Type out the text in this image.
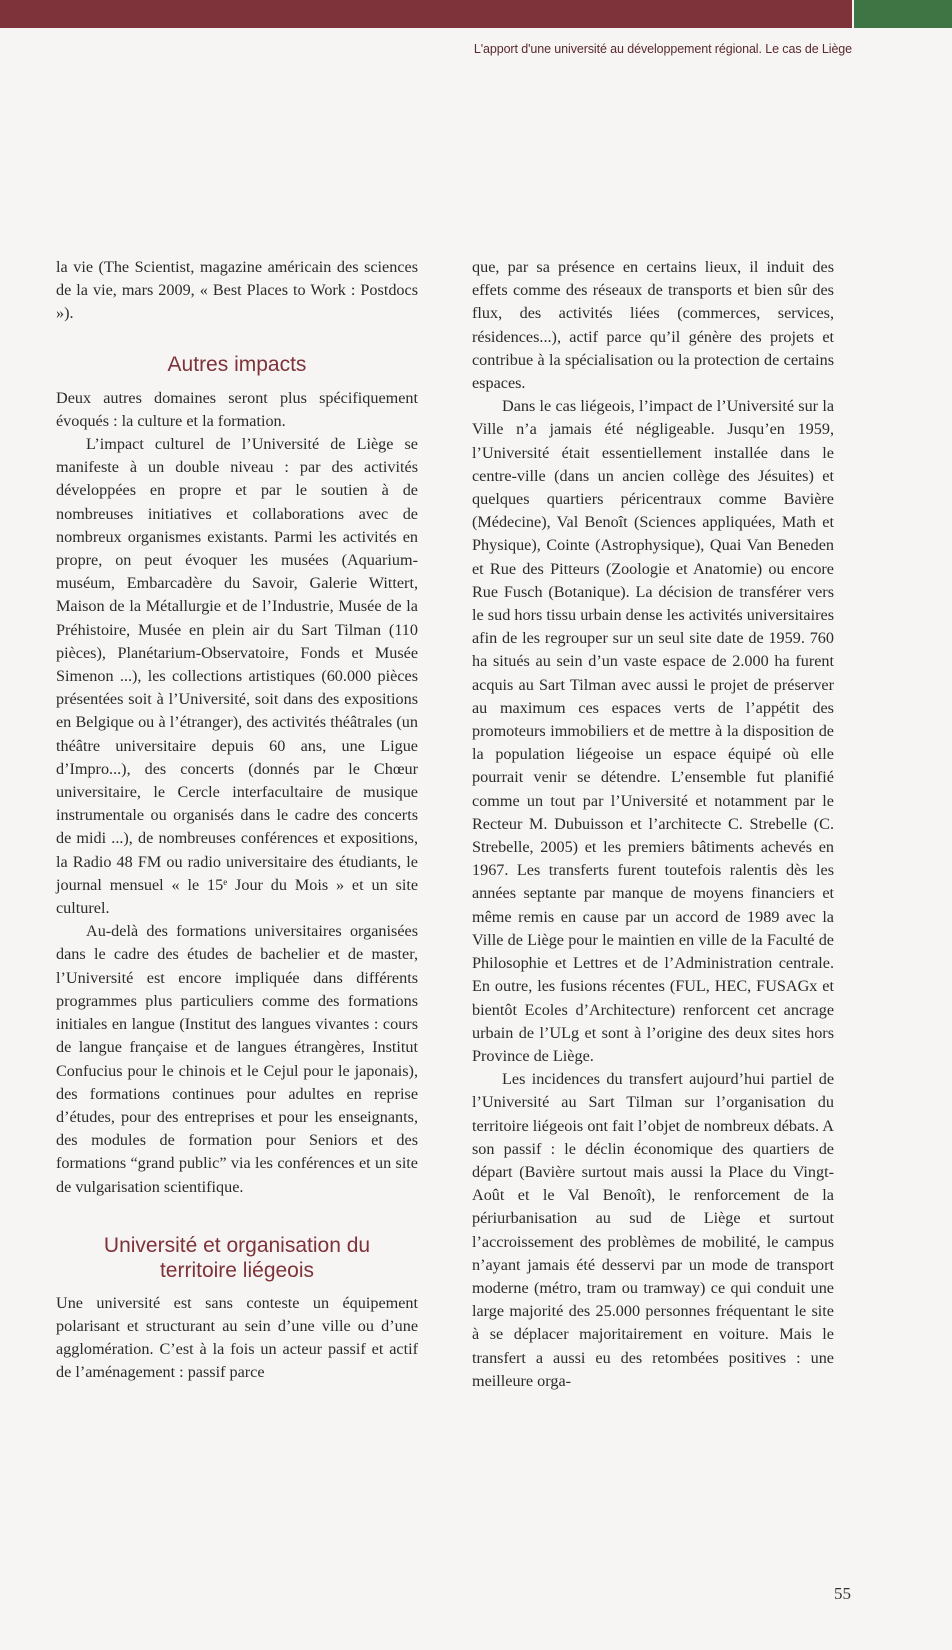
L'apport d'une université au développement régional. Le cas de Liège

la vie (The Scientist, magazine américain des sciences de la vie, mars 2009, « Best Places to Work : Postdocs »).

Autres impacts

Deux autres domaines seront plus spécifiquement évoqués : la culture et la formation.

L’impact culturel de l’Université de Liège se manifeste à un double niveau : par des activités développées en propre et par le soutien à de nombreuses initiatives et collaborations avec de nombreux organismes existants. Parmi les activités en propre, on peut évoquer les musées (Aquarium-muséum, Embarcadère du Savoir, Galerie Wittert, Maison de la Métallurgie et de l’Industrie, Musée de la Préhistoire, Musée en plein air du Sart Tilman (110 pièces), Planétarium-Observatoire, Fonds et Musée Simenon ...), les collections artistiques (60.000 pièces présentées soit à l’Université, soit dans des expositions en Belgique ou à l’étranger), des activités théâtrales (un théâtre universitaire depuis 60 ans, une Ligue d’Impro...), des concerts (donnés par le Chœur universitaire, le Cercle interfacultaire de musique instrumentale ou organisés dans le cadre des concerts de midi ...), de nombreuses conférences et expositions, la Radio 48 FM ou radio universitaire des étudiants, le journal mensuel « le 15e Jour du Mois » et un site culturel.

Au-delà des formations universitaires organisées dans le cadre des études de bachelier et de master, l’Université est encore impliquée dans différents programmes plus particuliers comme des formations initiales en langue (Institut des langues vivantes : cours de langue française et de langues étrangères, Institut Confucius pour le chinois et le Cejul pour le japonais), des formations continues pour adultes en reprise d’études, pour des entreprises et pour les enseignants, des modules de formation pour Seniors et des formations “grand public” via les conférences et un site de vulgarisation scientifique.

Université et organisation du
territoire liégeois

Une université est sans conteste un équipement polarisant et structurant au sein d’une ville ou d’une agglomération. C’est à la fois un acteur passif et actif de l’aménagement : passif parce

que, par sa présence en certains lieux, il induit des effets comme des réseaux de transports et bien sûr des flux, des activités liées (commerces, services, résidences...), actif parce qu’il génère des projets et contribue à la spécialisation ou la protection de certains espaces.

Dans le cas liégeois, l’impact de l’Université sur la Ville n’a jamais été négligeable. Jusqu’en 1959, l’Université était essentiellement installée dans le centre-ville (dans un ancien collège des Jésuites) et quelques quartiers péricentraux comme Bavière (Médecine), Val Benoît (Sciences appliquées, Math et Physique), Cointe (Astrophysique), Quai Van Beneden et Rue des Pitteurs (Zoologie et Anatomie) ou encore Rue Fusch (Botanique). La décision de transférer vers le sud hors tissu urbain dense les activités universitaires afin de les regrouper sur un seul site date de 1959. 760 ha situés au sein d’un vaste espace de 2.000 ha furent acquis au Sart Tilman avec aussi le projet de préserver au maximum ces espaces verts de l’appétit des promoteurs immobiliers et de mettre à la disposition de la population liégeoise un espace équipé où elle pourrait venir se détendre. L’ensemble fut planifié comme un tout par l’Université et notamment par le Recteur M. Dubuisson et l’architecte C. Strebelle (C. Strebelle, 2005) et les premiers bâtiments achevés en 1967. Les transferts furent toutefois ralentis dès les années septante par manque de moyens financiers et même remis en cause par un accord de 1989 avec la Ville de Liège pour le maintien en ville de la Faculté de Philosophie et Lettres et de l’Administration centrale. En outre, les fusions récentes (FUL, HEC, FUSAGx et bientôt Ecoles d’Architecture) renforcent cet ancrage urbain de l’ULg et sont à l’origine des deux sites hors Province de Liège.

Les incidences du transfert aujourd’hui partiel de l’Université au Sart Tilman sur l’organisation du territoire liégeois ont fait l’objet de nombreux débats. A son passif : le déclin économique des quartiers de départ (Bavière surtout mais aussi la Place du Vingt-Août et le Val Benoît), le renforcement de la périurbanisation au sud de Liège et surtout l’accroissement des problèmes de mobilité, le campus n’ayant jamais été desservi par un mode de transport moderne (métro, tram ou tramway) ce qui conduit une large majorité des 25.000 personnes fréquentant le site à se déplacer majoritairement en voiture. Mais le transfert a aussi eu des retombées positives : une meilleure orga-

55
